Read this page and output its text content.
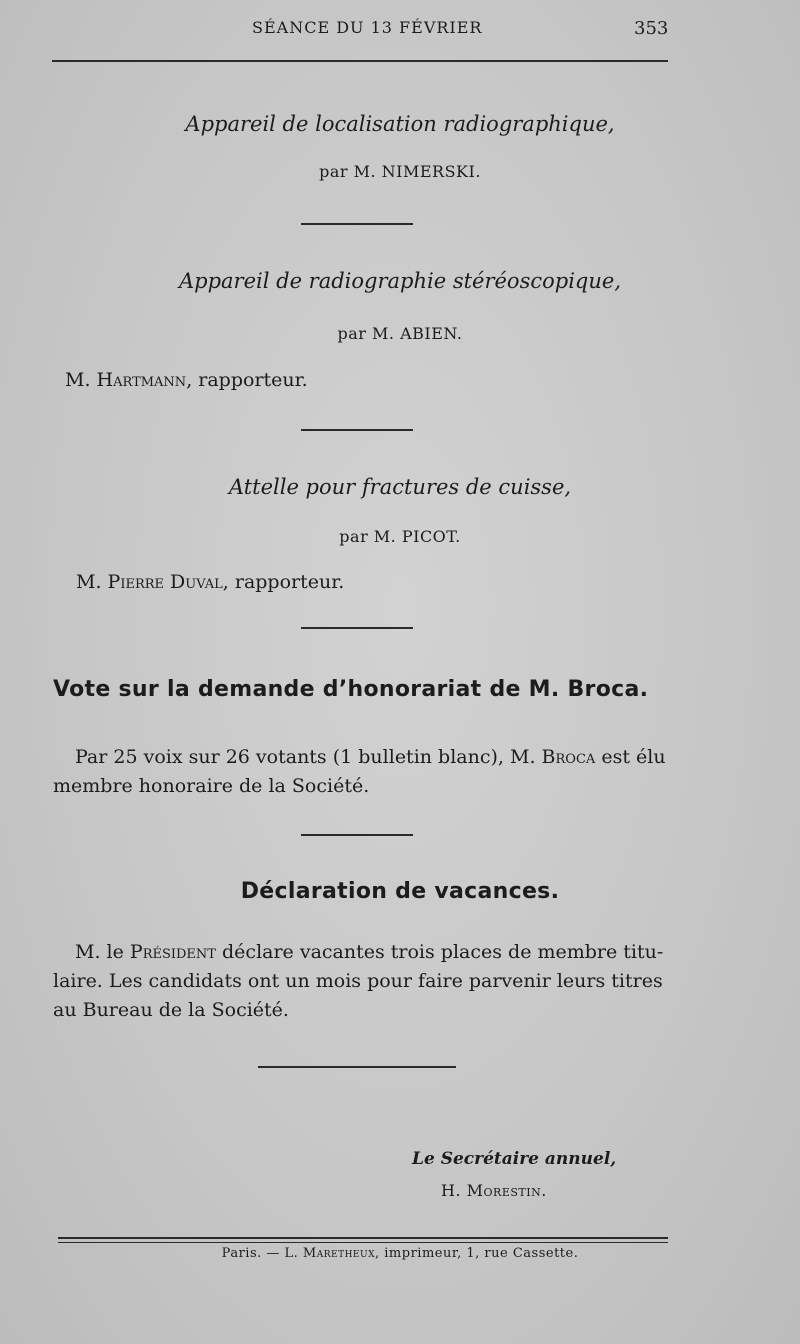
SÉANCE DU 13 FÉVRIER	353
Appareil de localisation radiographique,
par M. NIMERSKI.
Appareil de radiographie stéréoscopique,
par M. ABIEN.
M. Hartmann, rapporteur.
Attelle pour fractures de cuisse,
par M. PICOT.
M. Pierre Duval, rapporteur.
Vote sur la demande d’honorariat de M. Broca.
Par 25 voix sur 26 votants (1 bulletin blanc), M. Broca est élu
membre honoraire de la Société.
Déclaration de vacances.
M. le Président déclare vacantes trois places de membre titu-
laire. Les candidats ont un mois pour faire parvenir leurs titres
au Bureau de la Société.
Le Secrétaire annuel,
H. Morestin.
Paris. — L. Maretheux, imprimeur, 1, rue Cassette.
